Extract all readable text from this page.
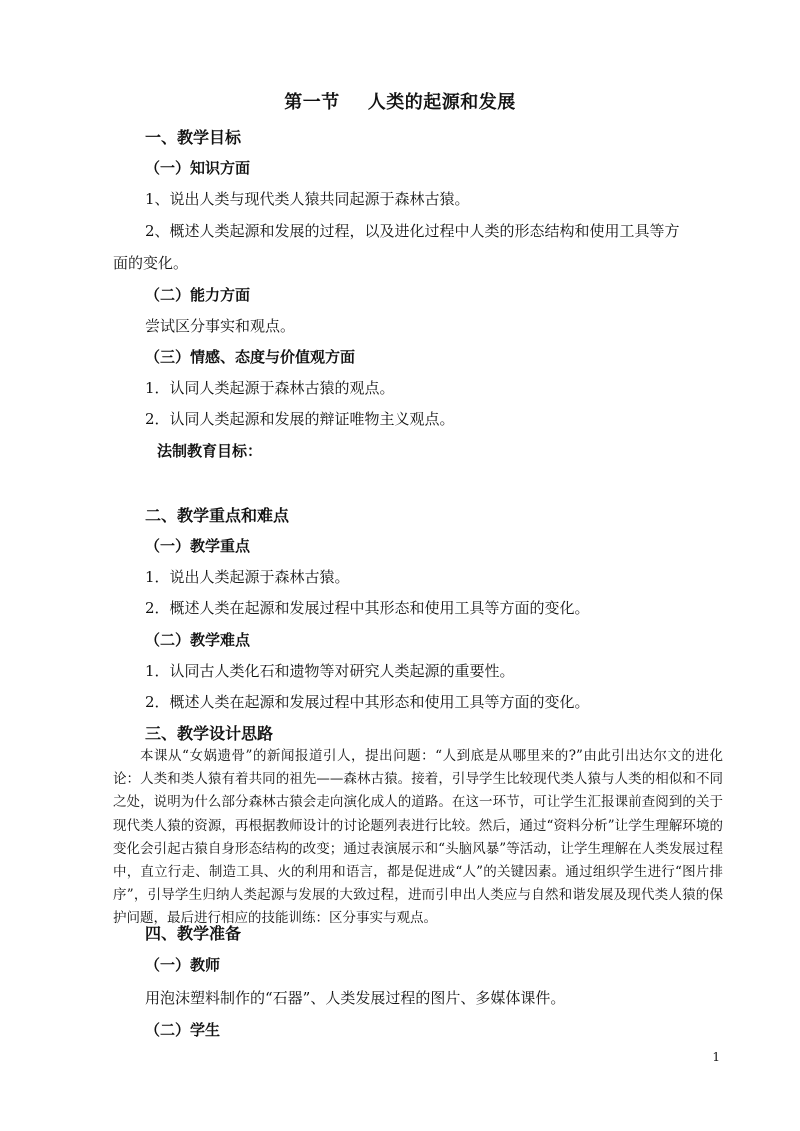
第一节 人类的起源和发展
一、教学目标
（一）知识方面
1、说出人类与现代类人猿共同起源于森林古猿。
2、概述人类起源和发展的过程，以及进化过程中人类的形态结构和使用工具等方
面的变化。
（二）能力方面
尝试区分事实和观点。
（三）情感、态度与价值观方面
1．认同人类起源于森林古猿的观点。
2．认同人类起源和发展的辩证唯物主义观点。
法制教育目标：
二、教学重点和难点
（一）教学重点
1．说出人类起源于森林古猿。
2．概述人类在起源和发展过程中其形态和使用工具等方面的变化。
（二）教学难点
1．认同古人类化石和遗物等对研究人类起源的重要性。
2．概述人类在起源和发展过程中其形态和使用工具等方面的变化。
三、教学设计思路
本课从“女娲遗骨”的新闻报道引人，提出问题：“人到底是从哪里来的?”由此引出达尔文的进化论：人类和类人猿有着共同的祖先——森林古猿。接着，引导学生比较现代类人猿与人类的相似和不同之处，说明为什么部分森林古猿会走向演化成人的道路。在这一环节，可让学生汇报课前查阅到的关于现代类人猿的资源，再根据教师设计的讨论题列表进行比较。然后，通过“资料分析”让学生理解环境的变化会引起古猿自身形态结构的改变；通过表演展示和“头脑风暴”等活动，让学生理解在人类发展过程中，直立行走、制造工具、火的利用和语言，都是促进成“人”的关键因素。通过组织学生进行“图片排序”，引导学生归纳人类起源与发展的大致过程，进而引申出人类应与自然和谐发展及现代类人猿的保护问题，最后进行相应的技能训练：区分事实与观点。
四、教学准备
（一）教师
用泡沫塑料制作的“石器”、人类发展过程的图片、多媒体课件。
（二）学生
1
